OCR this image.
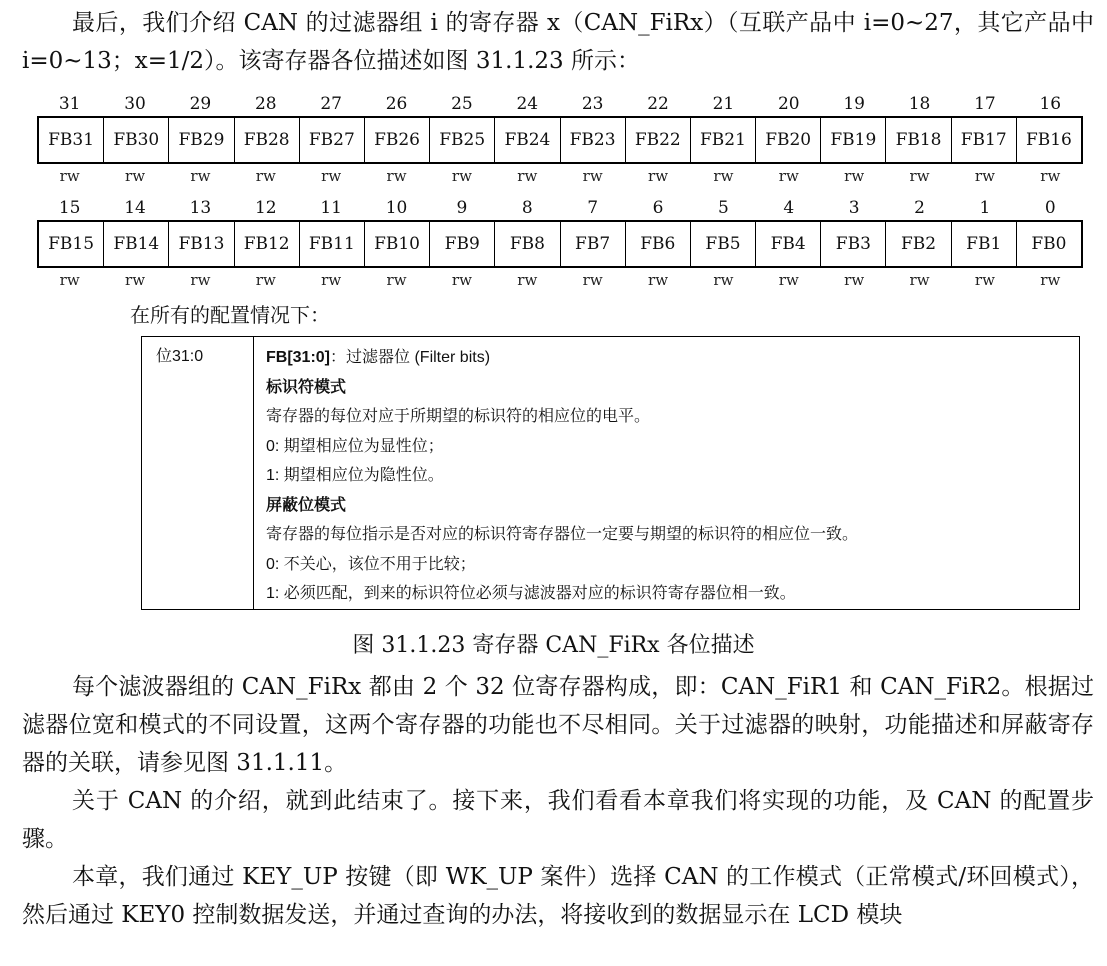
最后，我们介绍 CAN 的过滤器组 i 的寄存器 x（CAN_FiRx）（互联产品中 i=0~27，其它产品中 i=0~13；x=1/2）。该寄存器各位描述如图 31.1.23 所示：

31	30	29	28	27	26	25	24	23	22	21	20	19	18	17	16
FB31	FB30	FB29	FB28	FB27	FB26	FB25	FB24	FB23	FB22	FB21	FB20	FB19	FB18	FB17	FB16
rw	rw	rw	rw	rw	rw	rw	rw	rw	rw	rw	rw	rw	rw	rw	rw
15	14	13	12	11	10	9	8	7	6	5	4	3	2	1	0
FB15	FB14	FB13	FB12	FB11	FB10	FB9	FB8	FB7	FB6	FB5	FB4	FB3	FB2	FB1	FB0
rw	rw	rw	rw	rw	rw	rw	rw	rw	rw	rw	rw	rw	rw	rw	rw
在所有的配置情况下：
位31:0	FB[31:0]：过滤器位 (Filter bits)
标识符模式
寄存器的每位对应于所期望的标识符的相应位的电平。
0: 期望相应位为显性位；
1: 期望相应位为隐性位。
屏蔽位模式
寄存器的每位指示是否对应的标识符寄存器位一定要与期望的标识符的相应位一致。
0: 不关心，该位不用于比较；
1: 必须匹配，到来的标识符位必须与滤波器对应的标识符寄存器位相一致。
图 31.1.23 寄存器 CAN_FiRx 各位描述

每个滤波器组的 CAN_FiRx 都由 2 个 32 位寄存器构成，即：CAN_FiR1 和 CAN_FiR2。根据过滤器位宽和模式的不同设置，这两个寄存器的功能也不尽相同。关于过滤器的映射，功能描述和屏蔽寄存器的关联，请参见图 31.1.11。

关于 CAN 的介绍，就到此结束了。接下来，我们看看本章我们将实现的功能，及 CAN 的配置步骤。

本章，我们通过 KEY_UP 按键（即 WK_UP 案件）选择 CAN 的工作模式（正常模式/环回模式），然后通过 KEY0 控制数据发送，并通过查询的办法，将接收到的数据显示在 LCD 模块
